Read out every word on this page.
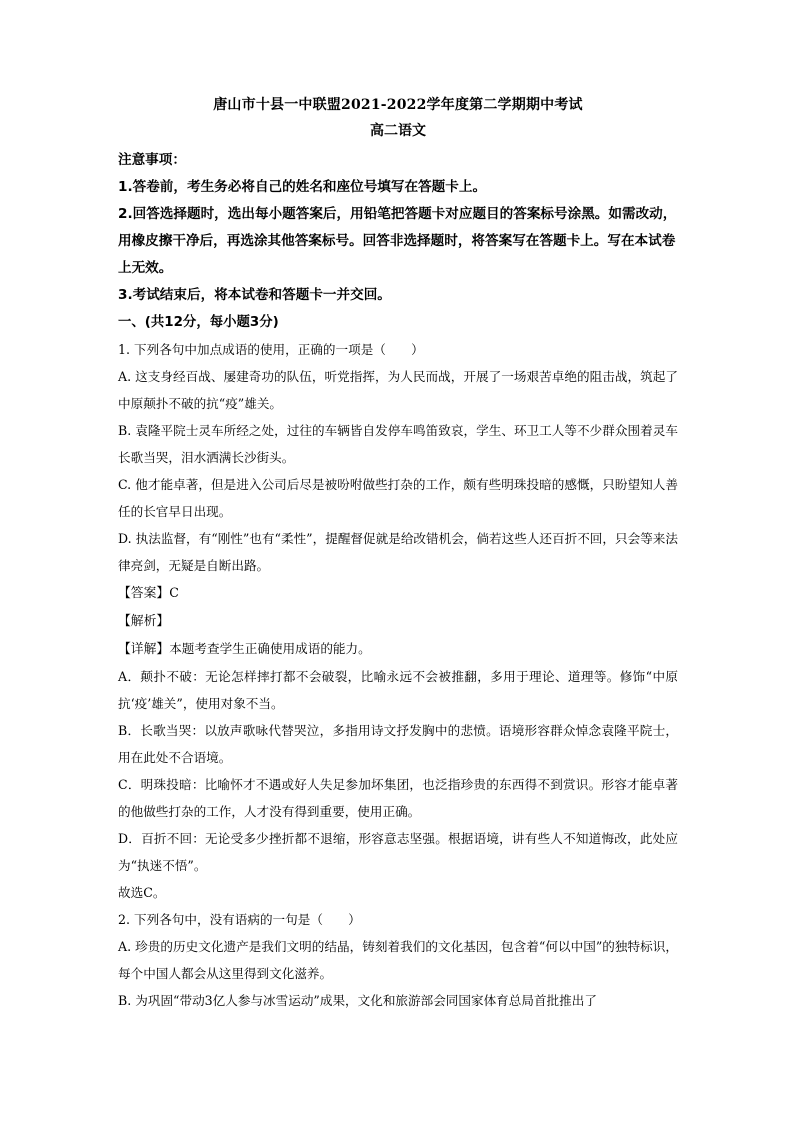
唐山市十县一中联盟2021-2022学年度第二学期期中考试

高二语文

注意事项：

1.答卷前，考生务必将自己的姓名和座位号填写在答题卡上。

2.回答选择题时，选出每小题答案后，用铅笔把答题卡对应题目的答案标号涂黑。如需改动，用橡皮擦干净后，再选涂其他答案标号。回答非选择题时，将答案写在答题卡上。写在本试卷上无效。

3.考试结束后，将本试卷和答题卡一并交回。

一、(共12分，每小题3分)

1. 下列各句中加点成语的使用，正确的一项是（　　）

A. 这支身经百战、屡建奇功的队伍，听党指挥，为人民而战，开展了一场艰苦卓绝的阻击战，筑起了中原颠扑不破的抗“疫”雄关。

B. 袁隆平院士灵车所经之处，过往的车辆皆自发停车鸣笛致哀，学生、环卫工人等不少群众围着灵车长歌当哭，泪水洒满长沙街头。

C. 他才能卓著，但是进入公司后尽是被吩咐做些打杂的工作，颇有些明珠投暗的感慨，只盼望知人善任的长官早日出现。

D. 执法监督，有“刚性”也有“柔性”，提醒督促就是给改错机会，倘若这些人还百折不回，只会等来法律亮剑，无疑是自断出路。

【答案】C

【解析】

【详解】本题考查学生正确使用成语的能力。

A．颠扑不破：无论怎样摔打都不会破裂，比喻永远不会被推翻，多用于理论、道理等。修饰“中原抗‘疫’雄关”，使用对象不当。

B．长歌当哭：以放声歌咏代替哭泣，多指用诗文抒发胸中的悲愤。语境形容群众悼念袁隆平院士，用在此处不合语境。

C．明珠投暗：比喻怀才不遇或好人失足参加坏集团，也泛指珍贵的东西得不到赏识。形容才能卓著的他做些打杂的工作，人才没有得到重要，使用正确。

D．百折不回：无论受多少挫折都不退缩，形容意志坚强。根据语境，讲有些人不知道悔改，此处应为“执迷不悟”。

故选C。

2. 下列各句中，没有语病的一句是（　　）

A. 珍贵的历史文化遗产是我们文明的结晶，铸刻着我们的文化基因，包含着“何以中国”的独特标识，每个中国人都会从这里得到文化滋养。

B. 为巩固“带动3亿人参与冰雪运动”成果，文化和旅游部会同国家体育总局首批推出了
